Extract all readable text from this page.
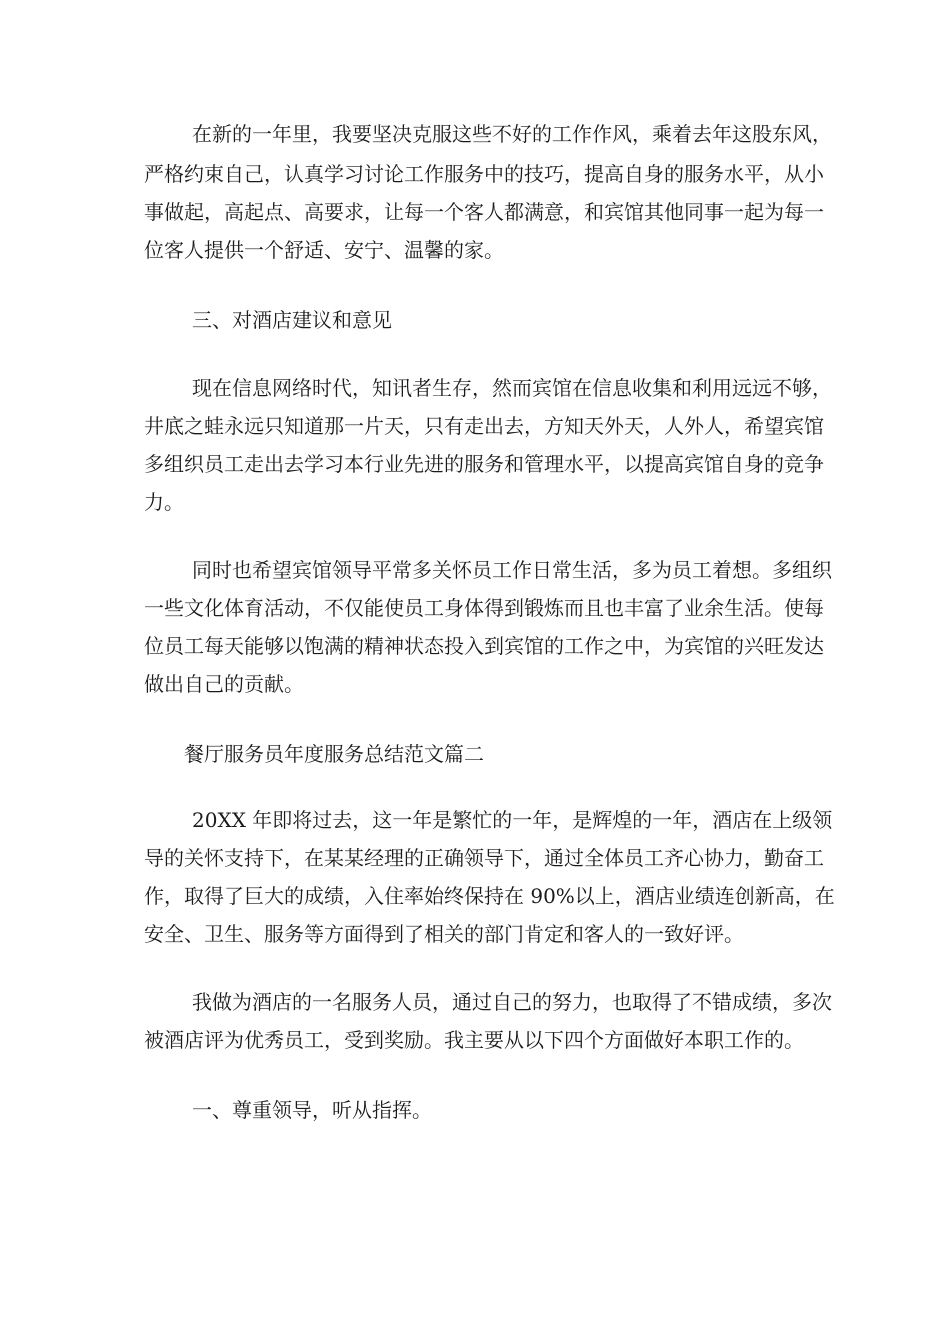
在新的一年里，我要坚决克服这些不好的工作作风，乘着去年这股东风，
严格约束自己，认真学习讨论工作服务中的技巧，提高自身的服务水平，从小
事做起，高起点、高要求，让每一个客人都满意，和宾馆其他同事一起为每一
位客人提供一个舒适、安宁、温馨的家。
三、对酒店建议和意见
现在信息网络时代，知讯者生存，然而宾馆在信息收集和利用远远不够，
井底之蛙永远只知道那一片天，只有走出去，方知天外天，人外人，希望宾馆
多组织员工走出去学习本行业先进的服务和管理水平，以提高宾馆自身的竞争
力。
同时也希望宾馆领导平常多关怀员工作日常生活，多为员工着想。多组织
一些文化体育活动，不仅能使员工身体得到锻炼而且也丰富了业余生活。使每
位员工每天能够以饱满的精神状态投入到宾馆的工作之中，为宾馆的兴旺发达
做出自己的贡献。
餐厅服务员年度服务总结范文篇二
20XX 年即将过去，这一年是繁忙的一年，是辉煌的一年，酒店在上级领
导的关怀支持下，在某某经理的正确领导下，通过全体员工齐心协力，勤奋工
作，取得了巨大的成绩，入住率始终保持在 90%以上，酒店业绩连创新高，在
安全、卫生、服务等方面得到了相关的部门肯定和客人的一致好评。
我做为酒店的一名服务人员，通过自己的努力，也取得了不错成绩，多次
被酒店评为优秀员工，受到奖励。我主要从以下四个方面做好本职工作的。
一、尊重领导，听从指挥。
